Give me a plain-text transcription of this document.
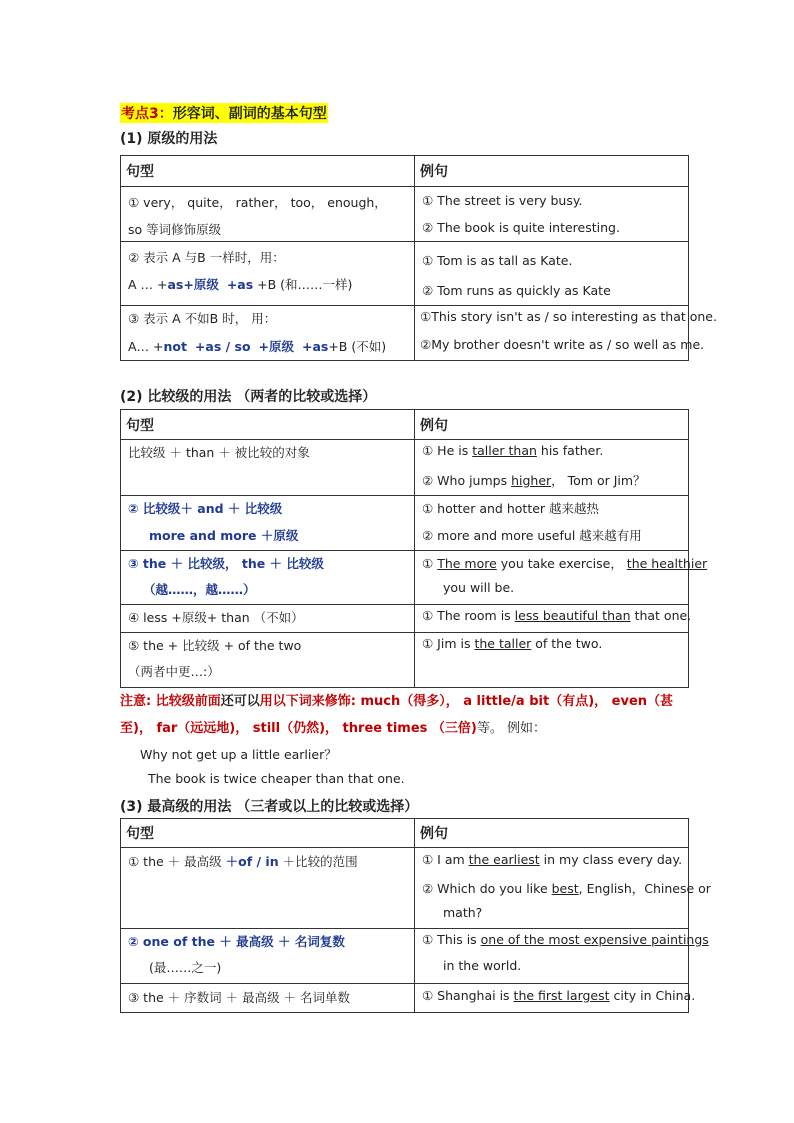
考点3：形容词、副词的基本句型
(1) 原级的用法
句型	例句

① very， quite， rather， too， enough，
so 等词修饰原级	① The street is very busy.
② The book is quite interesting.

② 表示 A 与B 一样时，用：
A … +as+原级 +as +B (和……一样)	① Tom is as tall as Kate.
② Tom runs as quickly as Kate

③ 表示 A 不如B 时， 用：
A… +not +as / so +原级 +as+B (不如)	①This story isn't as / so interesting as that one.
②My brother doesn't write as / so well as me.
(2) 比较级的用法 （两者的比较或选择）
句型	例句

比较级 ＋ than ＋ 被比较的对象	① He is taller than his father.
② Who jumps higher， Tom or Jim？

② 比较级＋ and ＋ 比较级
more and more ＋原级	① hotter and hotter 越来越热
② more and more useful 越来越有用

③ the ＋ 比较级， the ＋ 比较级
（越……，越……）	① The more you take exercise， the healthier
you will be.

④ less +原级+ than （不如）	① The room is less beautiful than that one.

⑤ the + 比较级 + of the two
（两者中更…:）	① Jim is the taller of the two.
注意: 比较级前面还可以用以下词来修饰: much（得多）， a little/a bit（有点)， even（甚
至)， far（远远地)， still（仍然)， three times （三倍)等。 例如：
Why not get up a little earlier？
The book is twice cheaper than that one.
(3) 最高级的用法 （三者或以上的比较或选择）
句型	例句

① the ＋ 最高级 ＋of / in ＋比较的范围	① I am the earliest in my class every day.
② Which do you like best, English，Chinese or
math?

② one of the ＋ 最高级 ＋ 名词复数
(最……之一)	① This is one of the most expensive paintings
in the world.

③ the ＋ 序数词 ＋ 最高级 ＋ 名词单数	① Shanghai is the first largest city in China.
